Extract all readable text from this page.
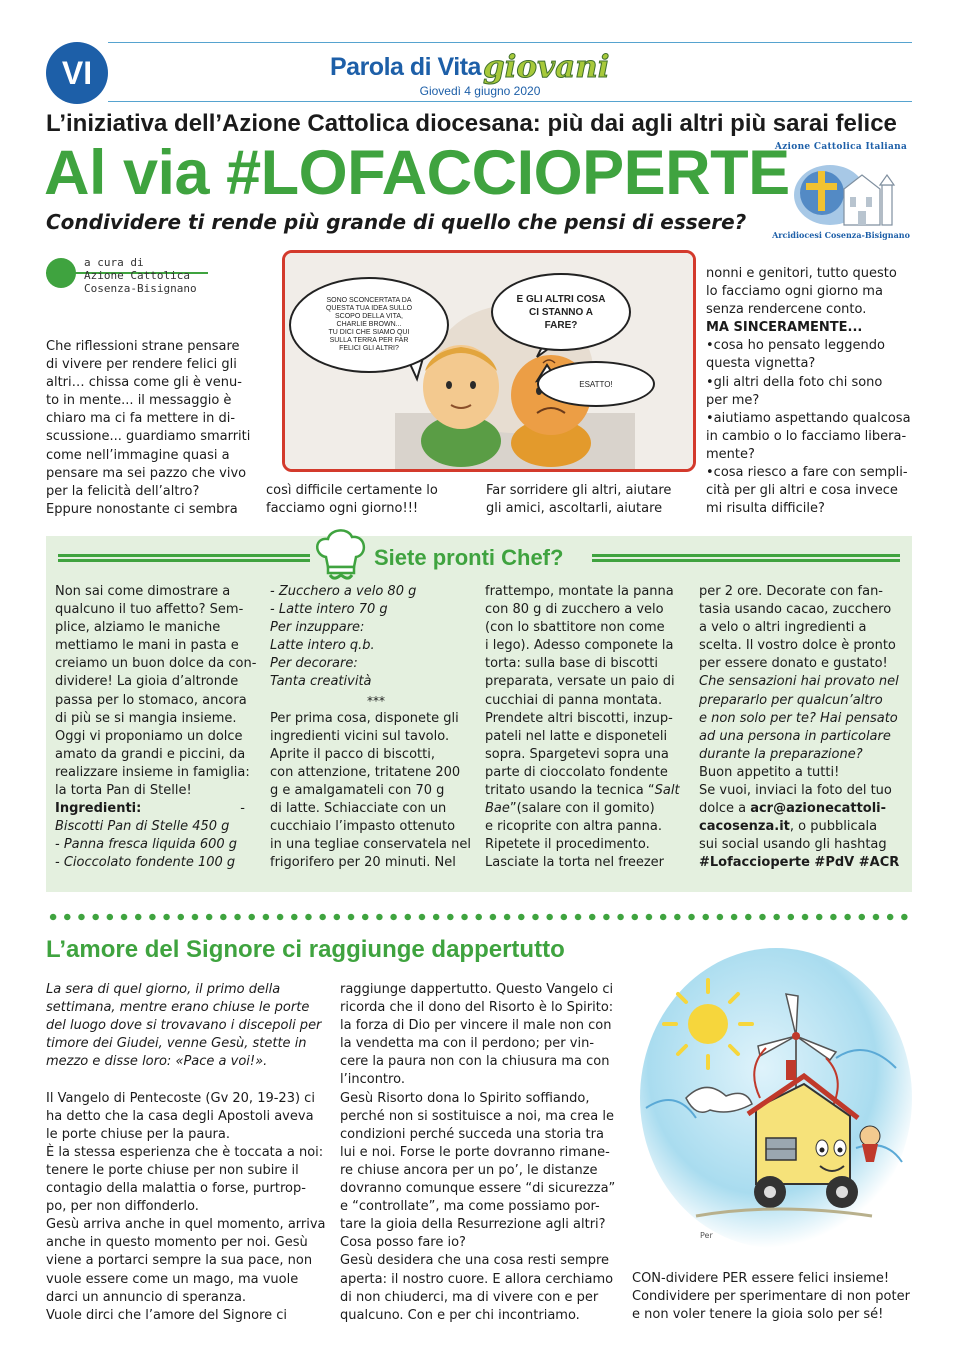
VI	Parola di Vita giovani
Giovedì 4 giugno 2020
L’iniziativa dell’Azione Cattolica diocesana: più dai agli altri più sarai felice
Al via #LOFACCIOPERTE
Condividere ti rende più grande di quello che pensi di essere?
Azione Cattolica Italiana
Arcidiocesi Cosenza-Bisignano
a cura di
Azione Cattolica
Cosenza-Bisignano
Che riflessioni strane pensare
di vivere per rendere felici gli
altri… chissa come gli è venu-
to in mente... il messaggio è
chiaro ma ci fa mettere in di-
scussione... guardiamo smarriti
come nell’immagine quasi a
pensare ma sei pazzo che vivo
per la felicità dell’altro?
Eppure nonostante ci sembra
SONO SCONCERTATA DA
QUESTA TUA IDEA SULLO
SCOPO DELLA VITA,
CHARLIE BROWN...
TU DICI CHE SIAMO QUI
SULLA TERRA PER FAR
FELICI GLI ALTRI?
E GLI ALTRI COSA
CI STANNO A
FARE?
ESATTO!
così difficile certamente lo
facciamo ogni giorno!!!
Far sorridere gli altri, aiutare
gli amici, ascoltarli, aiutare
nonni e genitori, tutto questo
lo facciamo ogni giorno ma
senza rendercene conto.
MA SINCERAMENTE...
•cosa ho pensato leggendo
questa vignetta?
•gli altri della foto chi sono
per me?
•aiutiamo aspettando qualcosa
in cambio o lo facciamo libera-
mente?
•cosa riesco a fare con sempli-
cità per gli altri e cosa invece
mi risulta difficile?
Siete pronti Chef?
Non sai come dimostrare a
qualcuno il tuo affetto? Sem-
plice, alziamo le maniche
mettiamo le mani in pasta e
creiamo un buon dolce da con-
dividere! La gioia d’altronde
passa per lo stomaco, ancora
di più se si mangia insieme.
Oggi vi proponiamo un dolce
amato da grandi e piccini, da
realizzare insieme in famiglia:
la torta Pan di Stelle!
Ingredienti:	-
Biscotti Pan di Stelle 450 g
- Panna fresca liquida 600 g
- Cioccolato fondente 100 g
- Zucchero a velo 80 g
- Latte intero 70 g
Per inzuppare:
Latte intero q.b.
Per decorare:
Tanta creatività
***
Per prima cosa, disponete gli
ingredienti vicini sul tavolo.
Aprite il pacco di biscotti,
con attenzione, tritatene 200
g e amalgamateli con 70 g
di latte. Schiacciate con un
cucchiaio l’impasto ottenuto
in una tegliae conservatela nel
frigorifero per 20 minuti. Nel
frattempo, montate la panna
con 80 g di zucchero a velo
(con lo sbattitore non come
i lego). Adesso componete la
torta: sulla base di biscotti
preparata, versate un paio di
cucchiai di panna montata.
Prendete altri biscotti, inzup-
pateli nel latte e disponeteli
sopra. Spargetevi sopra una
parte di cioccolato fondente
tritato usando la tecnica “Salt
Bae”(salare con il gomito)
e ricoprite con altra panna.
Ripetete il procedimento.
Lasciate la torta nel freezer
per 2 ore. Decorate con fan-
tasia usando cacao, zucchero
a velo o altri ingredienti a
scelta. Il vostro dolce è pronto
per essere donato e gustato!
Che sensazioni hai provato nel
prepararlo per qualcun’altro
e non solo per te? Hai pensato
ad una persona in particolare
durante la preparazione?
Buon appetito a tutti!
Se vuoi, inviaci la foto del tuo
dolce a acr@azionecattoli-
cacosenza.it, o pubblicala
sui social usando gli hashtag
#Lofaccioperte #PdV #ACR
L’amore del Signore ci raggiunge dappertutto
La sera di quel giorno, il primo della
settimana, mentre erano chiuse le porte
del luogo dove si trovavano i discepoli per
timore dei Giudei, venne Gesù, stette in
mezzo e disse loro: «Pace a voi!».
Il Vangelo di Pentecoste (Gv 20, 19-23) ci
ha detto che la casa degli Apostoli aveva
le porte chiuse per la paura.
È la stessa esperienza che è toccata a noi:
tenere le porte chiuse per non subire il
contagio della malattia o forse, purtrop-
po, per non diffonderlo.
Gesù arriva anche in quel momento, arriva
anche in questo momento per noi. Gesù
viene a portarci sempre la sua pace, non
vuole essere come un mago, ma vuole
darci un annuncio di speranza.
Vuole dirci che l’amore del Signore ci
raggiunge dappertutto. Questo Vangelo ci
ricorda che il dono del Risorto è lo Spirito:
la forza di Dio per vincere il male non con
la vendetta ma con il perdono; per vin-
cere la paura non con la chiusura ma con
l’incontro.
Gesù Risorto dona lo Spirito soffiando,
perché non si sostituisce a noi, ma crea le
condizioni perché succeda una storia tra
lui e noi. Forse le porte dovranno rimane-
re chiuse ancora per un po’, le distanze
dovranno comunque essere “di sicurezza”
e “controllate”, ma come possiamo por-
tare la gioia della Resurrezione agli altri?
Cosa posso fare io?
Gesù desidera che una cosa resti sempre
aperta: il nostro cuore. E allora cerchiamo
di non chiuderci, ma di vivere con e per
qualcuno. Con e per chi incontriamo.
Per
CON-dividere PER essere felici insieme!
Condividere per sperimentare di non poter
e non voler tenere la gioia solo per sé!
